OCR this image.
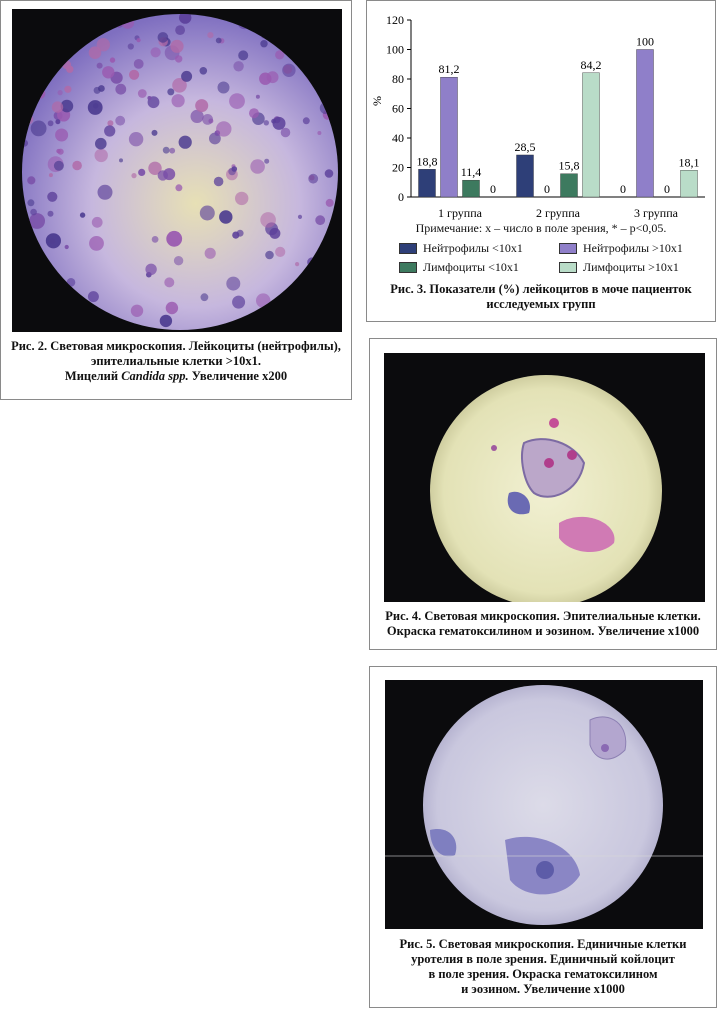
Рис. 2. Световая микроскопия. Лейкоциты (нейтрофилы),
эпителиальные клетки >10x1.
Мицелий Candida spp. Увеличение х200
0
20
40
60
80
100
120
%
18,8
81,2
11,4
0
1 группа
28,5
0
15,8
84,2
2 группа
0
100
0
18,1
3 группа
Примечание: х – число в поле зрения, * – р<0,05.
Нейтрофилы <10x1	Нейтрофилы >10x1
Лимфоциты <10x1	Лимфоциты >10x1
Рис. 3. Показатели (%) лейкоцитов в моче пациенток
исследуемых групп
Рис. 4. Световая микроскопия. Эпителиальные клетки.
Окраска гематоксилином и эозином. Увеличение х1000
Рис. 5. Световая микроскопия. Единичные клетки
уротелия в поле зрения. Единичный койлоцит
в поле зрения. Окраска гематоксилином
и эозином. Увеличение х1000
